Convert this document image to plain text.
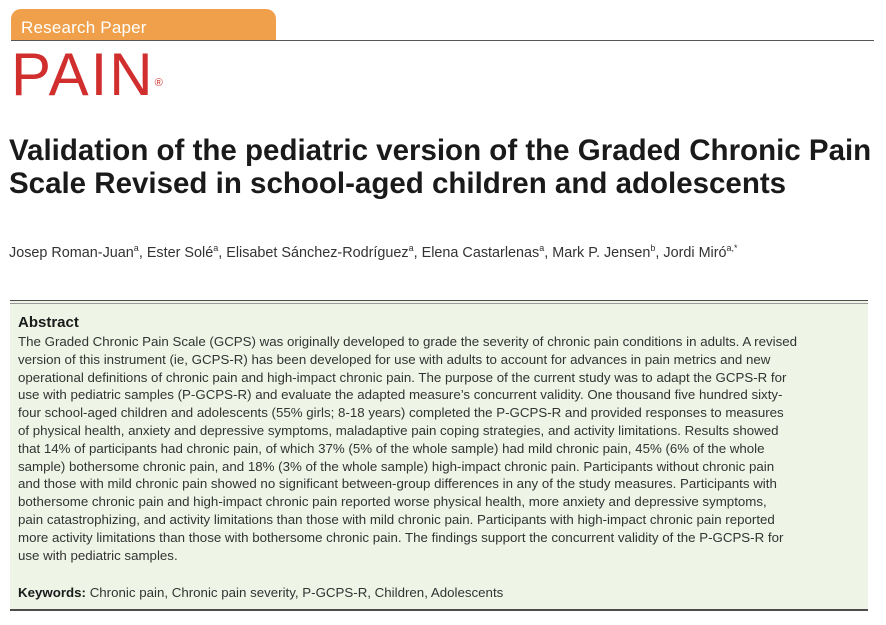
Research Paper
PAIN®
Validation of the pediatric version of the Graded Chronic Pain Scale Revised in school-aged children and adolescents
Josep Roman-Juan$^a$, Ester Solé$^a$, Elisabet Sánchez-Rodríguez$^a$, Elena Castarlenas$^a$, Mark P. Jensen$^b$, Jordi Miró$^{a,*}$
Abstract

The Graded Chronic Pain Scale (GCPS) was originally developed to grade the severity of chronic pain conditions in adults. A revised
version of this instrument (ie, GCPS-R) has been developed for use with adults to account for advances in pain metrics and new
operational definitions of chronic pain and high-impact chronic pain. The purpose of the current study was to adapt the GCPS-R for
use with pediatric samples (P-GCPS-R) and evaluate the adapted measure’s concurrent validity. One thousand five hundred sixty-
four school-aged children and adolescents (55% girls; 8-18 years) completed the P-GCPS-R and provided responses to measures
of physical health, anxiety and depressive symptoms, maladaptive pain coping strategies, and activity limitations. Results showed
that 14% of participants had chronic pain, of which 37% (5% of the whole sample) had mild chronic pain, 45% (6% of the whole
sample) bothersome chronic pain, and 18% (3% of the whole sample) high-impact chronic pain. Participants without chronic pain
and those with mild chronic pain showed no significant between-group differences in any of the study measures. Participants with
bothersome chronic pain and high-impact chronic pain reported worse physical health, more anxiety and depressive symptoms,
pain catastrophizing, and activity limitations than those with mild chronic pain. Participants with high-impact chronic pain reported
more activity limitations than those with bothersome chronic pain. The findings support the concurrent validity of the P-GCPS-R for
use with pediatric samples.

Keywords: Chronic pain, Chronic pain severity, P-GCPS-R, Children, Adolescents
